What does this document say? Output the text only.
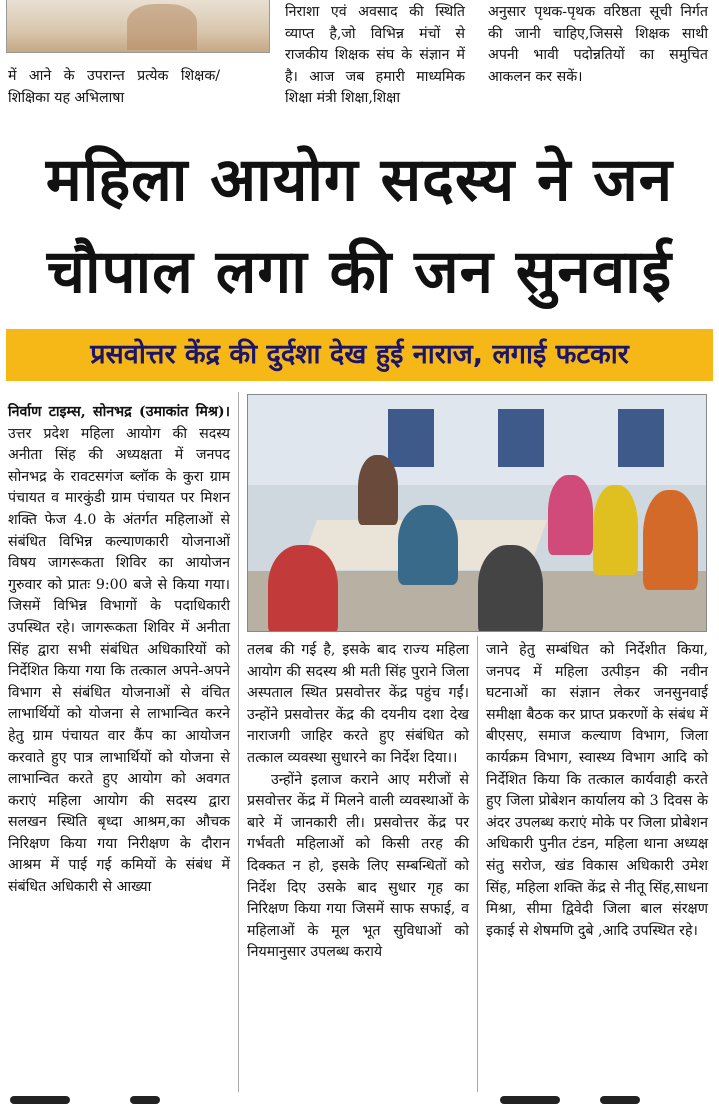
में आने के उपरान्त प्रत्येक शिक्षक/शिक्षिका यह अभिलाषा

निराशा एवं अवसाद की स्थिति व्याप्त है,जो विभिन्न मंचों से राजकीय शिक्षक संघ के संज्ञान में है। आज जब हमारी माध्यमिक शिक्षा मंत्री शिक्षा,शिक्षा

अनुसार पृथक-पृथक वरिष्ठता सूची निर्गत की जानी चाहिए,जिससे शिक्षक साथी अपनी भावी पदोन्नतियों का समुचित आकलन कर सकें।

महिला आयोग सदस्य ने जन
चौपाल लगा की जन सुनवाई
प्रसवोत्तर केंद्र की दुर्दशा देख हुई नाराज, लगाई फटकार

निर्वाण टाइम्स, सोनभद्र (उमाकांत मिश्र)। उत्तर प्रदेश महिला आयोग की सदस्य अनीता सिंह की अध्यक्षता में जनपद सोनभद्र के रावटसगंज ब्लॉक के कुरा ग्राम पंचायत व मारकुंडी ग्राम पंचायत पर मिशन शक्ति फेज 4.0 के अंतर्गत महिलाओं से संबंधित विभिन्न कल्याणकारी योजनाओं विषय जागरूकता शिविर का आयोजन गुरुवार को प्रातः 9:00 बजे से किया गया। जिसमें विभिन्न विभागों के पदाधिकारी उपस्थित रहे। जागरूकता शिविर में अनीता सिंह द्वारा सभी संबंधित अधिकारियों को निर्देशित किया गया कि तत्काल अपने-अपने विभाग से संबंधित योजनाओं से वंचित लाभार्थियों को योजना से लाभान्वित करने हेतु ग्राम पंचायत वार कैंप का आयोजन करवाते हुए पात्र लाभार्थियों को योजना से लाभान्वित करते हुए आयोग को अवगत कराएं महिला आयोग की सदस्य द्वारा सलखन स्थिति बृध्दा आश्रम,का औचक निरिक्षण किया गया निरीक्षण के दौरान आश्रम में पाई गई कमियों के संबंध में संबंधित अधिकारी से आख्या

तलब की गई है, इसके बाद राज्य महिला आयोग की सदस्य श्री मती सिंह पुराने जिला अस्पताल स्थित प्रसवोत्तर केंद्र पहुंच गईं। उन्होंने प्रसवोत्तर केंद्र की दयनीय दशा देख नाराजगी जाहिर करते हुए संबंधित को तत्काल व्यवस्था सुधारने का निर्देश दिया।।

उन्होंने इलाज कराने आए मरीजों से प्रसवोत्तर केंद्र में मिलने वाली व्यवस्थाओं के बारे में जानकारी ली। प्रसवोत्तर केंद्र पर गर्भवती महिलाओं को किसी तरह की दिक्कत न हो, इसके लिए सम्बन्धितों को निर्देश दिए उसके बाद सुधार गृह का निरिक्षण किया गया जिसमें साफ सफाई, व महिलाओं के मूल भूत सुविधाओं को नियमानुसार उपलब्ध कराये

जाने हेतु सम्बंधित को निर्देशीत किया, जनपद में महिला उत्पीड़न की नवीन घटनाओं का संज्ञान लेकर जनसुनवाई समीक्षा बैठक कर प्राप्त प्रकरणों के संबंध में बीएसए, समाज कल्याण विभाग, जिला कार्यक्रम विभाग, स्वास्थ्य विभाग आदि को निर्देशित किया कि तत्काल कार्यवाही करते हुए जिला प्रोबेशन कार्यालय को 3 दिवस के अंदर उपलब्ध कराएं मोके पर जिला प्रोबेशन अधिकारी पुनीत टंडन, महिला थाना अध्यक्ष संतु सरोज, खंड विकास अधिकारी उमेश सिंह, महिला शक्ति केंद्र से नीतू सिंह,साधना मिश्रा, सीमा द्विवेदी जिला बाल संरक्षण इकाई से शेषमणि दुबे ,आदि उपस्थित रहे।
